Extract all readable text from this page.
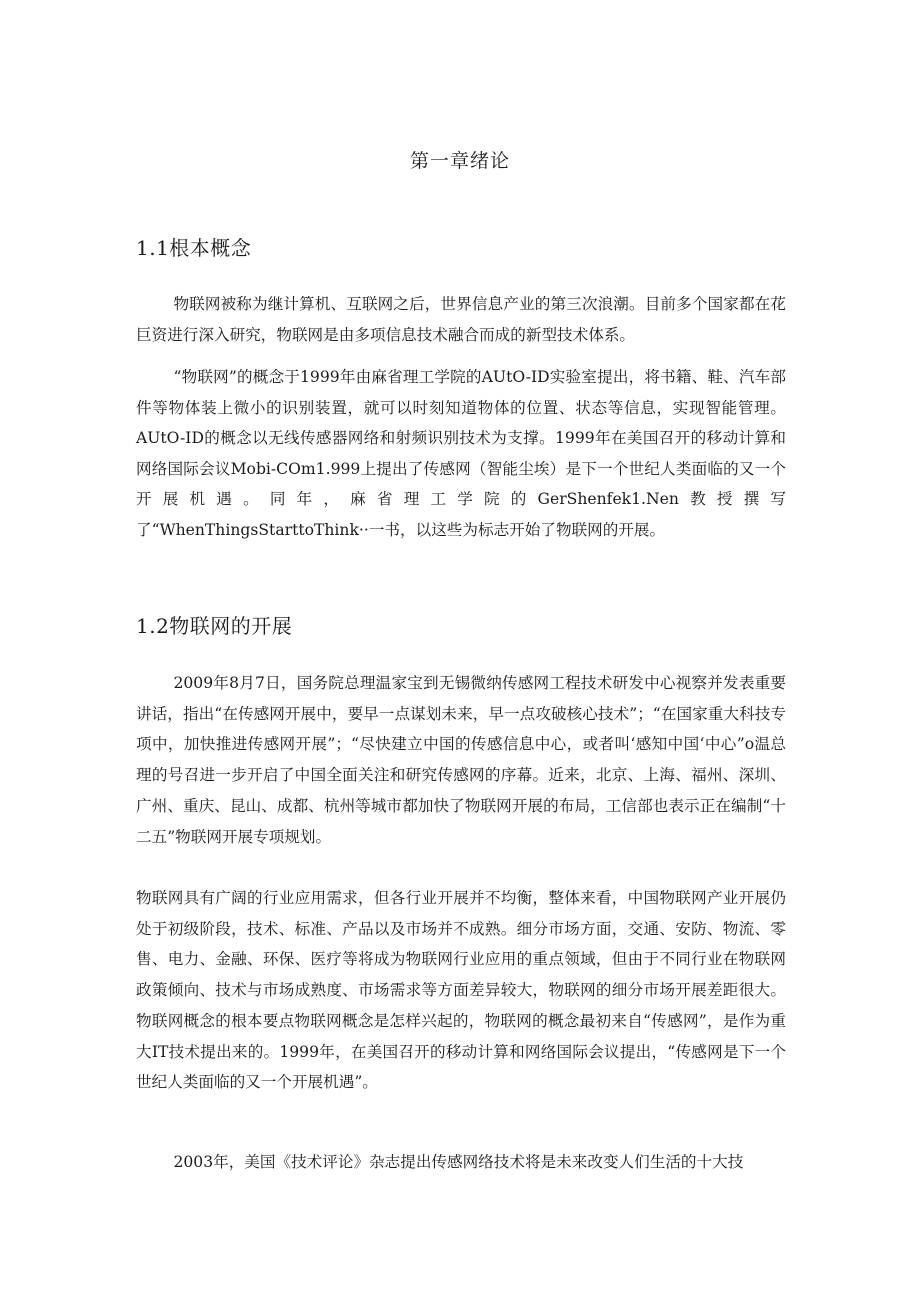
第一章绪论
1.1根本概念

物联网被称为继计算机、互联网之后，世界信息产业的第三次浪潮。目前多个国家都在花巨资进行深入研究，物联网是由多项信息技术融合而成的新型技术体系。

“物联网”的概念于1999年由麻省理工学院的AUtO-ID实验室提出，将书籍、鞋、汽车部件等物体装上微小的识别装置，就可以时刻知道物体的位置、状态等信息，实现智能管理。AUtO-ID的概念以无线传感器网络和射频识别技术为支撑。1999年在美国召开的移动计算和网络国际会议Mobi-COm1.999上提出了传感网（智能尘埃）是下一个世纪人类面临的又一个开展机遇。同年，麻省理工学院的GerShenfek1.Nen教授撰写了“WhenThingsStarttoThink··一书，以这些为标志开始了物联网的开展。

1.2物联网的开展

2009年8月7日，国务院总理温家宝到无锡微纳传感网工程技术研发中心视察并发表重要讲话，指出“在传感网开展中，要早一点谋划未来，早一点攻破核心技术”；“在国家重大科技专项中，加快推进传感网开展”；“尽快建立中国的传感信息中心，或者叫‘感知中国‘中心”o温总理的号召进一步开启了中国全面关注和研究传感网的序幕。近来，北京、上海、福州、深圳、广州、重庆、昆山、成都、杭州等城市都加快了物联网开展的布局，工信部也表示正在编制“十二五”物联网开展专项规划。

物联网具有广阔的行业应用需求，但各行业开展并不均衡，整体来看，中国物联网产业开展仍处于初级阶段，技术、标准、产品以及市场并不成熟。细分市场方面，交通、安防、物流、零售、电力、金融、环保、医疗等将成为物联网行业应用的重点领域，但由于不同行业在物联网政策倾向、技术与市场成熟度、市场需求等方面差异较大，物联网的细分市场开展差距很大。物联网概念的根本要点物联网概念是怎样兴起的，物联网的概念最初来自“传感网”，是作为重大IT技术提出来的。1999年，在美国召开的移动计算和网络国际会议提出，“传感网是下一个世纪人类面临的又一个开展机遇”。

2003年，美国《技术评论》杂志提出传感网络技术将是未来改变人们生活的十大技
